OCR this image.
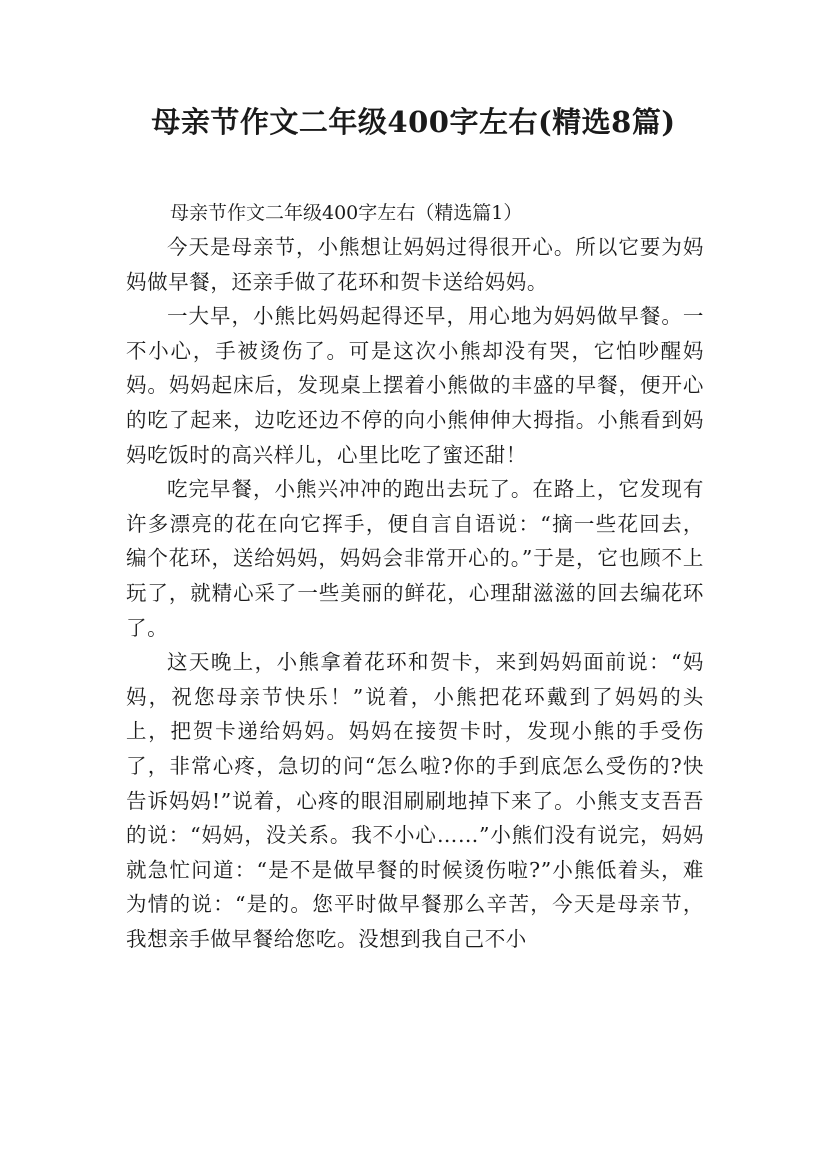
母亲节作文二年级400字左右(精选8篇)
母亲节作文二年级400字左右（精选篇1）

今天是母亲节，小熊想让妈妈过得很开心。所以它要为妈妈做早餐，还亲手做了花环和贺卡送给妈妈。

一大早，小熊比妈妈起得还早，用心地为妈妈做早餐。一不小心，手被烫伤了。可是这次小熊却没有哭，它怕吵醒妈妈。妈妈起床后，发现桌上摆着小熊做的丰盛的早餐，便开心的吃了起来，边吃还边不停的向小熊伸伸大拇指。小熊看到妈妈吃饭时的高兴样儿，心里比吃了蜜还甜！

吃完早餐，小熊兴冲冲的跑出去玩了。在路上，它发现有许多漂亮的花在向它挥手，便自言自语说：“摘一些花回去，编个花环，送给妈妈，妈妈会非常开心的。”于是，它也顾不上玩了，就精心采了一些美丽的鲜花，心理甜滋滋的回去编花环了。

这天晚上，小熊拿着花环和贺卡，来到妈妈面前说：“妈妈，祝您母亲节快乐！”说着，小熊把花环戴到了妈妈的头上，把贺卡递给妈妈。妈妈在接贺卡时，发现小熊的手受伤了，非常心疼，急切的问“怎么啦?你的手到底怎么受伤的?快告诉妈妈!”说着，心疼的眼泪刷刷地掉下来了。小熊支支吾吾的说：“妈妈，没关系。我不小心……”小熊们没有说完，妈妈就急忙问道：“是不是做早餐的时候烫伤啦?”小熊低着头，难为情的说：“是的。您平时做早餐那么辛苦，今天是母亲节，我想亲手做早餐给您吃。没想到我自己不小
